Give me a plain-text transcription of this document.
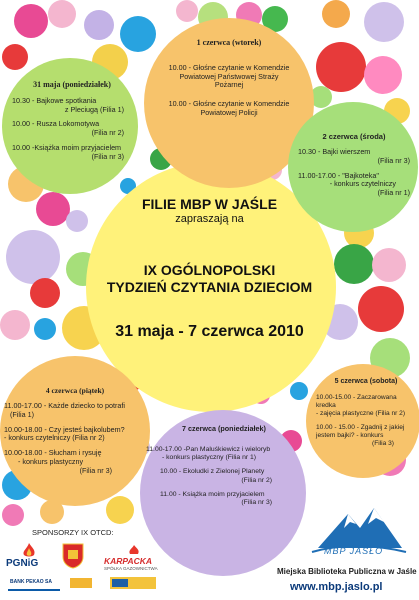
31 maja (poniedziałek)
10.30 - Bajkowe spotkania
z Pleciugą (Filia 1)
10.00 - Rusza Lokomotywa
(Filia nr 2)
10.00 -Książka moim przyjacielem
(Filia nr 3)
1 czerwca (wtorek)
10.00 - Głośne czytanie w Komendzie
Powiatowej Państwowej Straży
Pożarnej
10.00 - Głośne czytanie w Komendzie
Powiatowej Policji
2 czerwca (środa)
10.30 - Bajki wierszem
(Filia nr 3)
11.00-17.00 - "Bajkoteka"
- konkurs czytelniczy
(Filia nr 1)
4 czerwca (piątek)
11.00-17.00 - Każde dziecko to potrafi
(Filia 1)
10.00-18.00 - Czy jesteś bajkolubem?
- konkurs czytelniczy (Filia nr 2)
10.00-18.00 - Słucham i rysuję
- konkurs plastyczny
(Filia nr 3)
5 czerwca (sobota)
10.00-15.00 - Zaczarowana kredka
- zajęcia plastyczne (Filia nr 2)
10.00 - 15.00 - Zgadnij z jakiej
jestem bajki? - konkurs
(Filia 3)
7 czerwca (poniedziałek)
11.00-17.00 -Pan Maluśkiewicz i wieloryb
- konkurs plastyczny (Filia nr 1)
10.00 - Ekoludki z Zielonej Planety
(Filia nr 2)
11.00 - Książka moim przyjacielem
(Filia nr 3)
FILIE MBP W JAŚLE
zapraszają na
IX OGÓLNOPOLSKI
TYDZIEŃ CZYTANIA DZIECIOM
31 maja - 7 czerwca 2010
SPONSORZY IX OTCD:
PGNiG	KARPACKA
SPÓŁKA GAZOWNICTWA
BANK PEKAO SA
MBP JASŁO
Miejska Biblioteka Publiczna w Jaśle
www.mbp.jaslo.pl
